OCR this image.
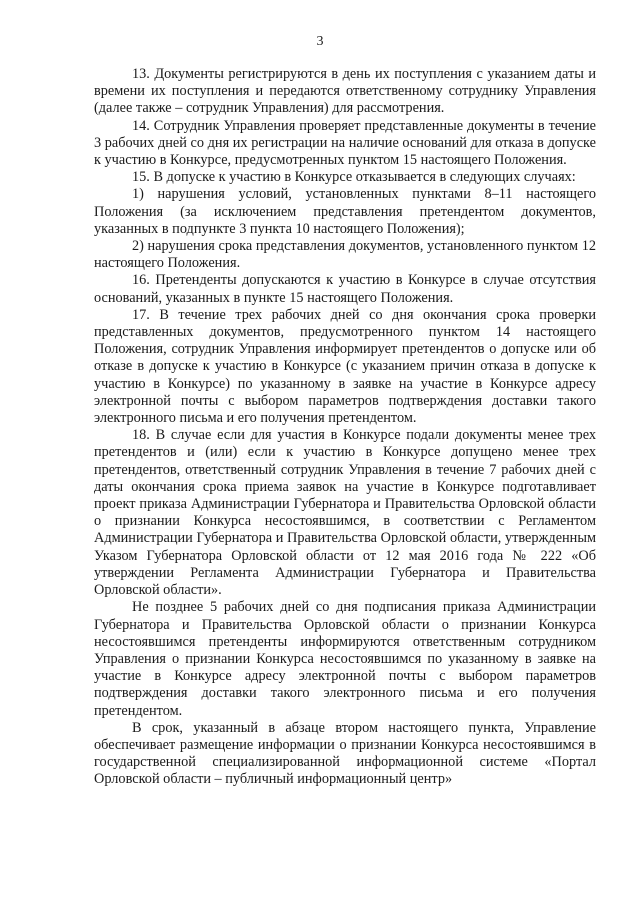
3

13. Документы регистрируются в день их поступления с указанием даты и времени их поступления и передаются ответственному сотруднику Управления (далее также – сотрудник Управления) для рассмотрения.

14. Сотрудник Управления проверяет представленные документы в течение 3 рабочих дней со дня их регистрации на наличие оснований для отказа в допуске к участию в Конкурсе, предусмотренных пунктом 15 настоящего Положения.

15. В допуске к участию в Конкурсе отказывается в следующих случаях:

1) нарушения условий, установленных пунктами 8–11 настоящего Положения (за исключением представления претендентом документов, указанных в подпункте 3 пункта 10 настоящего Положения);

2) нарушения срока представления документов, установленного пунктом 12 настоящего Положения.

16. Претенденты допускаются к участию в Конкурсе в случае отсутствия оснований, указанных в пункте 15 настоящего Положения.

17. В течение трех рабочих дней со дня окончания срока проверки представленных документов, предусмотренного пунктом 14 настоящего Положения, сотрудник Управления информирует претендентов о допуске или об отказе в допуске к участию в Конкурсе (с указанием причин отказа в допуске к участию в Конкурсе) по указанному в заявке на участие в Конкурсе адресу электронной почты с выбором параметров подтверждения доставки такого электронного письма и его получения претендентом.

18. В случае если для участия в Конкурсе подали документы менее трех претендентов и (или) если к участию в Конкурсе допущено менее трех претендентов, ответственный сотрудник Управления в течение 7 рабочих дней с даты окончания срока приема заявок на участие в Конкурсе подготавливает проект приказа Администрации Губернатора и Правительства Орловской области о признании Конкурса несостоявшимся, в соответствии с Регламентом Администрации Губернатора и Правительства Орловской области, утвержденным Указом Губернатора Орловской области от 12 мая 2016 года № 222 «Об утверждении Регламента Администрации Губернатора и Правительства Орловской области».

Не позднее 5 рабочих дней со дня подписания приказа Администрации Губернатора и Правительства Орловской области о признании Конкурса несостоявшимся претенденты информируются ответственным сотрудником Управления о признании Конкурса несостоявшимся по указанному в заявке на участие в Конкурсе адресу электронной почты с выбором параметров подтверждения доставки такого электронного письма и его получения претендентом.

В срок, указанный в абзаце втором настоящего пункта, Управление обеспечивает размещение информации о признании Конкурса несостоявшимся в государственной специализированной информационной системе «Портал Орловской области – публичный информационный центр»
